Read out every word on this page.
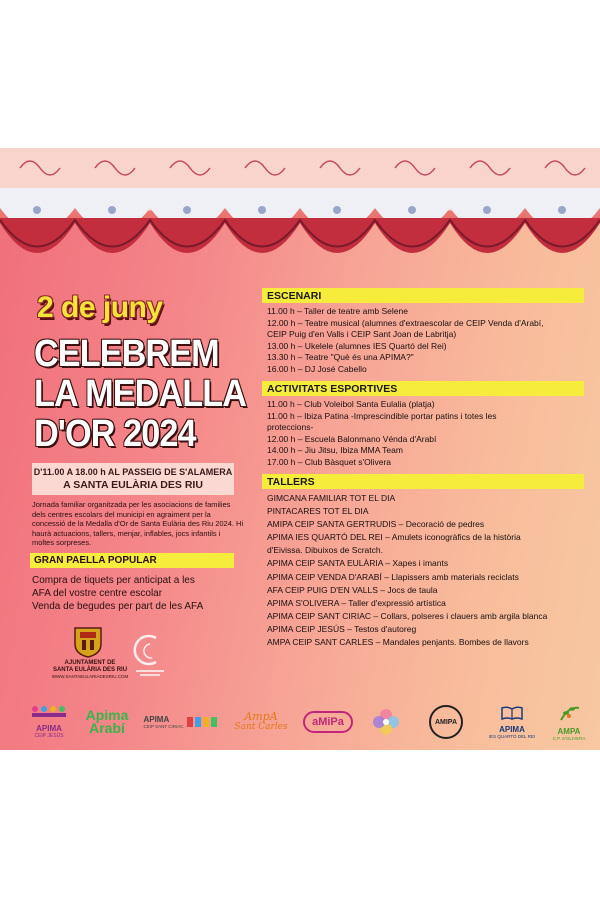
2 de juny
CELEBREM
LA MEDALLA
D'OR 2024
D'11.00 A 18.00 h AL PASSEIG DE S'ALAMERA
A SANTA EULÀRIA DES RIU
Jornada familiar organitzada per les asociacions de families dels centres escolars del municipi en agraiment per la concessió de la Medalla d'Or de Santa Eulària des Riu 2024. Hi haurà actuacions, tallers, menjar, inflables, jocs infantils i moltes sorpreses.
GRAN PAELLA POPULAR
Compra de tiquets per anticipat a les
AFA del vostre centre escolar
Venda de begudes per part de les AFA
AJUNTAMENT DE
SANTA EULÀRIA DES RIU
WWW.SANTAEULARIADESRIU.COM
ESCENARI
11.00 h – Taller de teatre amb Selene
12.00 h – Teatre musical (alumnes d'extraescolar de CEIP Venda d'Arabí,
CEIP Puig d'en Valls i CEIP Sant Joan de Labritja)
13.00 h – Ukelele (alumnes IES Quartó del Rei)
13.30 h – Teatre "Què és una APIMA?"
16.00 h – DJ José Cabello
ACTIVITATS ESPORTIVES
11.00 h – Club Voleibol Santa Eulalia (platja)
11.00 h – Ibiza Patina -Imprescindible portar patins i totes les
proteccions-
12.00 h – Escuela Balonmano Vénda d'Arabí
14.00 h – Jiu Jitsu, Ibiza MMA Team
17.00 h – Club Bàsquet s'Olivera
TALLERS
GIMCANA FAMILIAR TOT EL DIA
PINTACARES TOT EL DIA
AMIPA CEIP SANTA GERTRUDIS – Decoració de pedres
APIMA IES QUARTÓ DEL REI – Amulets iconogràfics de la història
d'Eivissa. Dibuixos de Scratch.
APIMA CEIP SANTA EULÀRIA – Xapes i imants
APIMA CEIP VENDA D'ARABÍ – Llapissers amb materials reciclats
AFA CEIP PUIG D'EN VALLS – Jocs de taula
APIMA S'OLIVERA – Taller d'expressió artística
APIMA CEIP SANT CIRIAC – Collars, polseres i clauers amb argila blanca
APIMA CEIP JESÚS – Testos d'autoreg
AMPA CEIP SANT CARLES – Mandales penjants. Bombes de llavors
APIMA
CEIP JESÚS
Apima
Arabí
APIMA
CEIP SANT CIRIAC
AmpA
Sant Carles aMiPa	AMIPA
APIMA
IES QUARTÓ DEL REI
AMPA
C.P. S'OLIVERA
